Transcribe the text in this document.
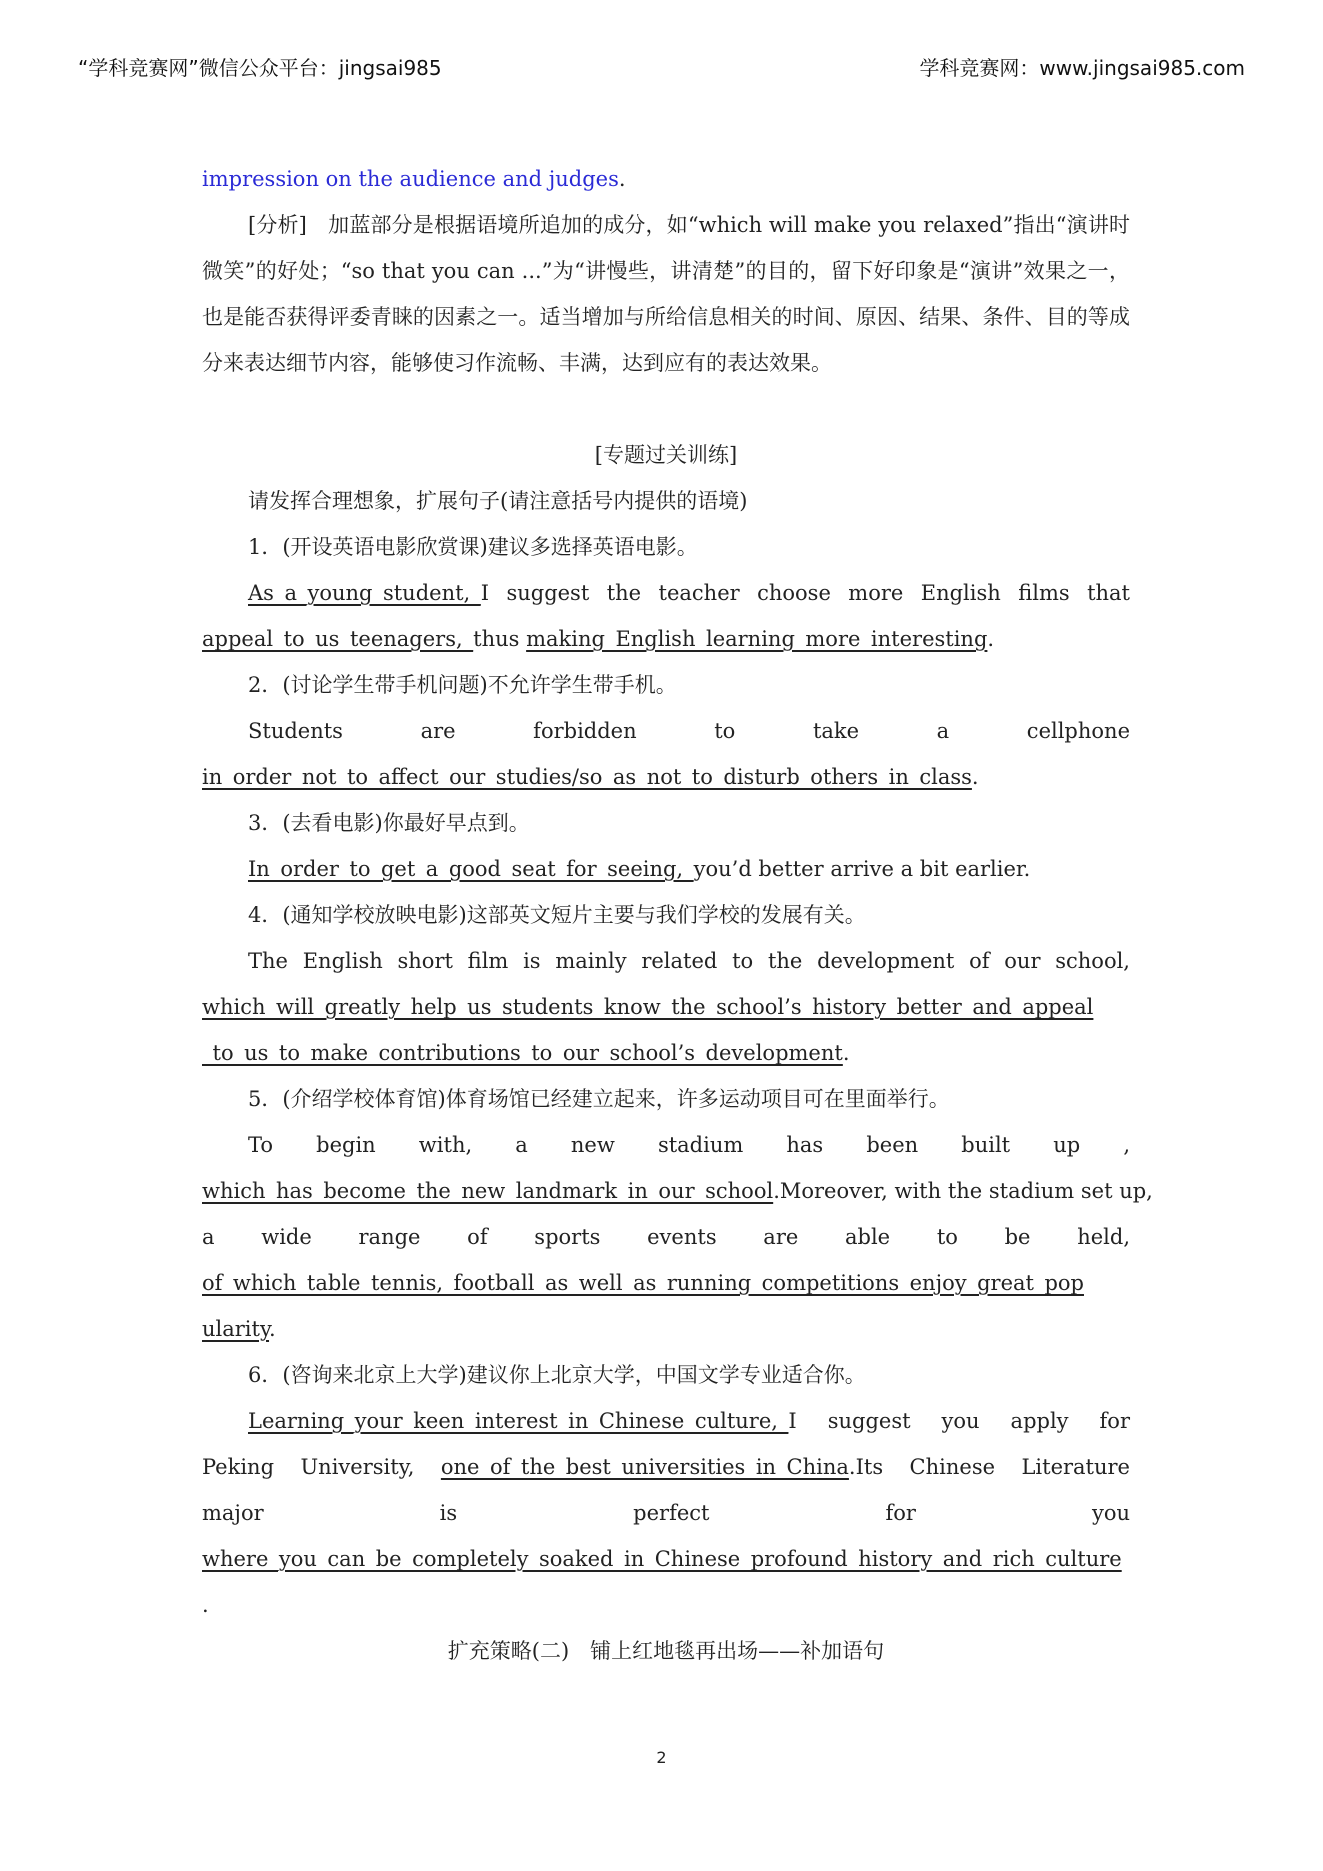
“学科竞赛网”微信公众平台：jingsai985	学科竞赛网：www.jingsai985.com

impression on the audience and judges.

[分析]　加蓝部分是根据语境所追加的成分，如“which will make you relaxed”指出“演讲时微笑”的好处；“so that you can ...”为“讲慢些，讲清楚”的目的，留下好印象是“演讲”效果之一，也是能否获得评委青睐的因素之一。适当增加与所给信息相关的时间、原因、结果、条件、目的等成分来表达细节内容，能够使习作流畅、丰满，达到应有的表达效果。

[专题过关训练]

请发挥合理想象，扩展句子(请注意括号内提供的语境)

1．(开设英语电影欣赏课)建议多选择英语电影。

As_a_young_student,_I suggest the teacher choose more English films that

appeal_to_us_teenagers,_thus making_English_learning_more_interesting.

2．(讨论学生带手机问题)不允许学生带手机。

Students are forbidden to take a cellphone

in_order_not_to_affect_our_studies/so_as_not_to_disturb_others_in_class.

3．(去看电影)你最好早点到。

In_order_to_get_a_good_seat_for_seeing,_you’d better arrive a bit earlier.

4．(通知学校放映电影)这部英文短片主要与我们学校的发展有关。

The English short film is mainly related to the development of our school,

which_will_greatly_help_us_students_know_the_school’s_history_better_and_appeal

_to_us_to_make_contributions_to_our_school’s_development.

5．(介绍学校体育馆)体育场馆已经建立起来，许多运动项目可在里面举行。

To begin with, a new stadium has been built up ,

which_has_become_the_new_landmark_in_our_school.Moreover, with the stadium set up,

a wide range of sports events are able to be held,

of_which_table_tennis,_football_as_well_as_running_competitions_enjoy_great_pop

ularity.

6．(咨询来北京上大学)建议你上北京大学，中国文学专业适合你。

Learning_your_keen_interest_in_Chinese_culture,_I suggest you apply for

Peking University, one_of_the_best_universities_in_China.Its Chinese Literature

major is perfect for you

where_you_can_be_completely_soaked_in_Chinese_profound_history_and_rich_culture

.

扩充策略(二)　铺上红地毯再出场——补加语句

2
